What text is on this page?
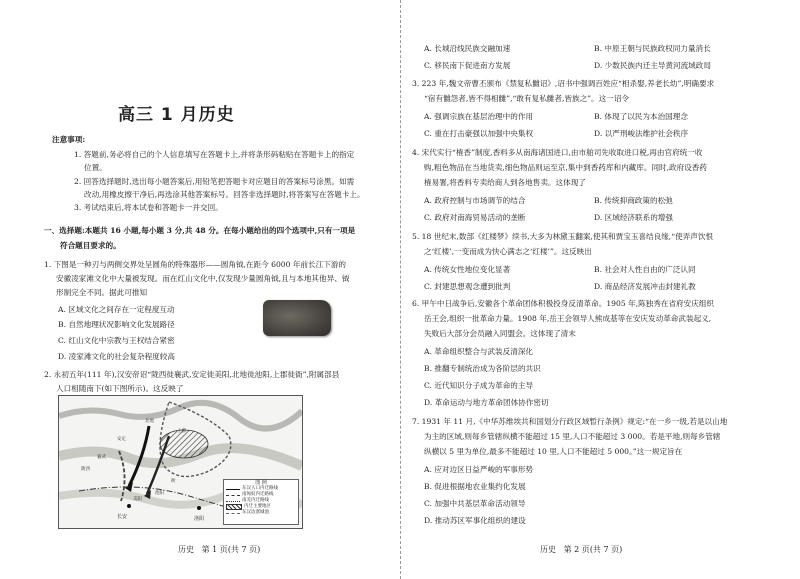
高三 1 月历史
注意事项:
1. 答题前,务必将自己的个人信息填写在答题卡上,并将条形码粘贴在答题卡上的指定
位置。
2. 回答选择题时,选出每小题答案后,用铅笔把答题卡对应题目的答案标号涂黑。如需
改动,用橡皮擦干净后,再选涂其他答案标号。回答非选择题时,将答案写在答题卡上。
3. 考试结束后,将本试卷和答题卡一并交回。
一、选择题:本题共 16 小题,每小题 3 分,共 48 分。在每小题给出的四个选项中,只有一项是
符合题目要求的。
1. 下图是一种刃与两侧交界处呈圆角的特殊器形——圆角钺,在距今 6000 年前长江下游的
安徽凌家滩文化中大量被发现。而在红山文化中,仅发现少量圆角钺,且与本地其他异、钺
形制完全不同。据此可推知
A. 区域文化之间存在一定程度互动
B. 自然地理状况影响文化发展路径
C. 红山文化中宗教与王权结合紧密
D. 凌家滩文化的社会复杂程度较高
2. 永初五年(111 年),汉安帝诏“陇西徙襄武,安定徙美阳,北地徙池阳,上郡徙衙”,附属部县
人口相随南下(如下图所示)。这反映了
长安	洛阳
襄武
美阳
池阳
衙
上郡
北地
安定
陇西
图 例
东汉人口内迁路线
南匈奴内迁路线
南羌内迁路线
内迁主要地区
东汉边塞城池
历史 第 1 页(共 7 页)
A. 长城沿线民族交融加速	B. 中原王朝与民族政权同力量消长
C. 移民南下促进南方发展	D. 少数民族内迁主导黄河流域政局
3. 223 年,魏文帝曹丕颁布《禁复私雠诏》,诏书中强调百姓应“相杀娶,养老长幼”,明确要求
“宿有雠怨者,皆不得相雠”,“敢有复私雠者,皆族之”。这一诏令
A. 强调宗族在基层治理中的作用	B. 体现了以民为本治国理念
C. 重在打击豪强以加强中央集权	D. 以严刑峻法维护社会秩序
4. 宋代实行“榷香”制度,香料多从南海诸国进口,由市舶司先收取进口税,再由官府统一收
购,粗色物品在当地货卖,细色物品则运至京,集中到香药库和内藏库。同时,政府设香药
榷易署,将香料专卖给商人到各地售卖。这体现了
A. 政府控制与市场调节的结合	B. 传统抑商政策的松弛
C. 政府对南海贸易活动的垄断	D. 区域经济联系的增强
5. 18 世纪末,数部《红楼梦》续书,大多为林黛玉翻案,使其和贾宝玉喜结良缘,“使弄声饮恨
之‘红楼’,一变而成为快心满志之‘红楼’”。这反映出
A. 传统女性地位变化显著	B. 社会对人性自由的广泛认同
C. 封建思想观念遭到批判	D. 商品经济发展冲击封建礼教
6. 甲午中日战争后,安徽各个革命团体积极投身反清革命。1905 年,陈独秀在省府安庆组织
岳王会,组织一批革命力量。1908 年,岳王会领导人熊成基等在安庆发动革命武装起义,
失败后大部分会员融入同盟会。这体现了清末
A. 革命组织整合与武装反清深化
B. 推翻专制统治成为各阶层的共识
C. 近代知识分子成为革命的主导
D. 革命运动与地方革命团体协作密切
7. 1931 年 11 月,《中华苏维埃共和国划分行政区域暂行条例》规定:“在一乡一级,若是以山地
为主的区域,则每乡管辖纵横不能超过 15 里,人口不能超过 3 000。若是平地,则每乡管辖
纵横以 5 里为单位,最多不能超过 10 里,人口不能超过 5 000。”这一规定旨在
A. 应对边区日益严峻的军事形势
B. 促进根据地农业集约化发展
C. 加强中共基层革命活动领导
D. 推动苏区军事化组织的建设
历史 第 2 页(共 7 页)
